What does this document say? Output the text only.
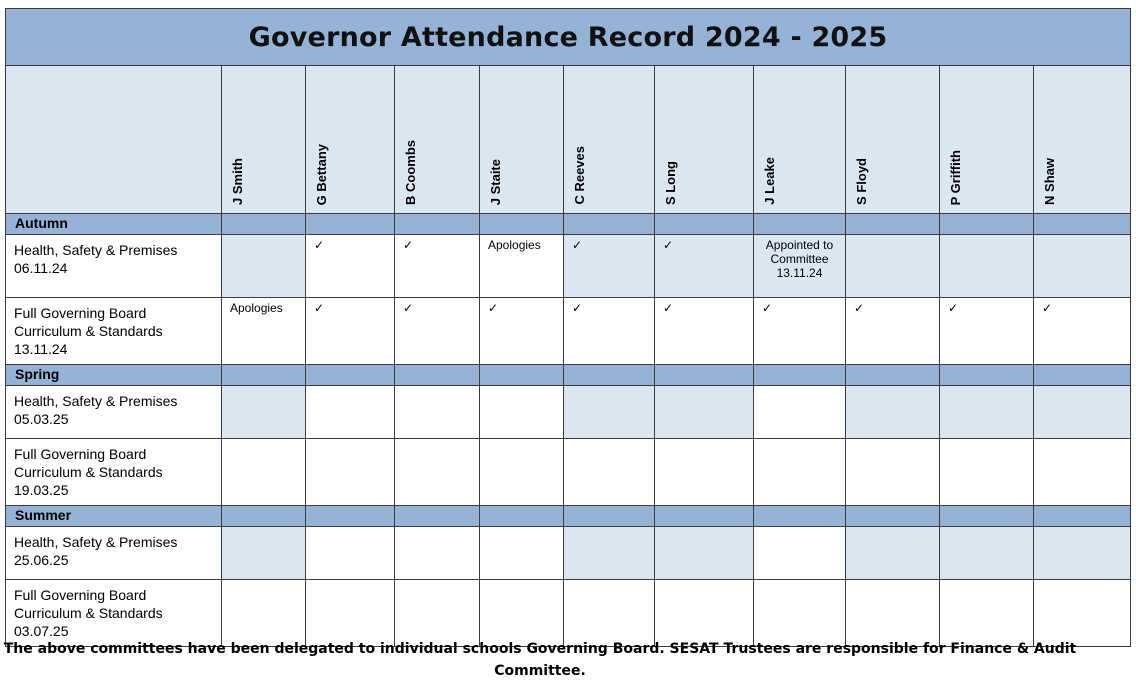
Governor Attendance Record 2024 - 2025										

	J Smith	G Bettany	B Coombs	J Staite	C Reeves	S Long	J Leake	S Floyd	P Griffith	N Shaw

Autumn										

Health, Safety & Premises
06.11.24		✓	✓	Apologies	✓	✓	Appointed to Committee 13.11.24			

Full Governing Board
Curriculum & Standards
13.11.24	Apologies	✓	✓	✓	✓	✓	✓	✓	✓	✓
Spring										

Health, Safety & Premises
05.03.25										

Full Governing Board
Curriculum & Standards
19.03.25										

Summer										

Health, Safety & Premises
25.06.25										

Full Governing Board
Curriculum & Standards
03.07.25										

The above committees have been delegated to individual schools Governing Board. SESAT Trustees are responsible for Finance & Audit
Committee.
